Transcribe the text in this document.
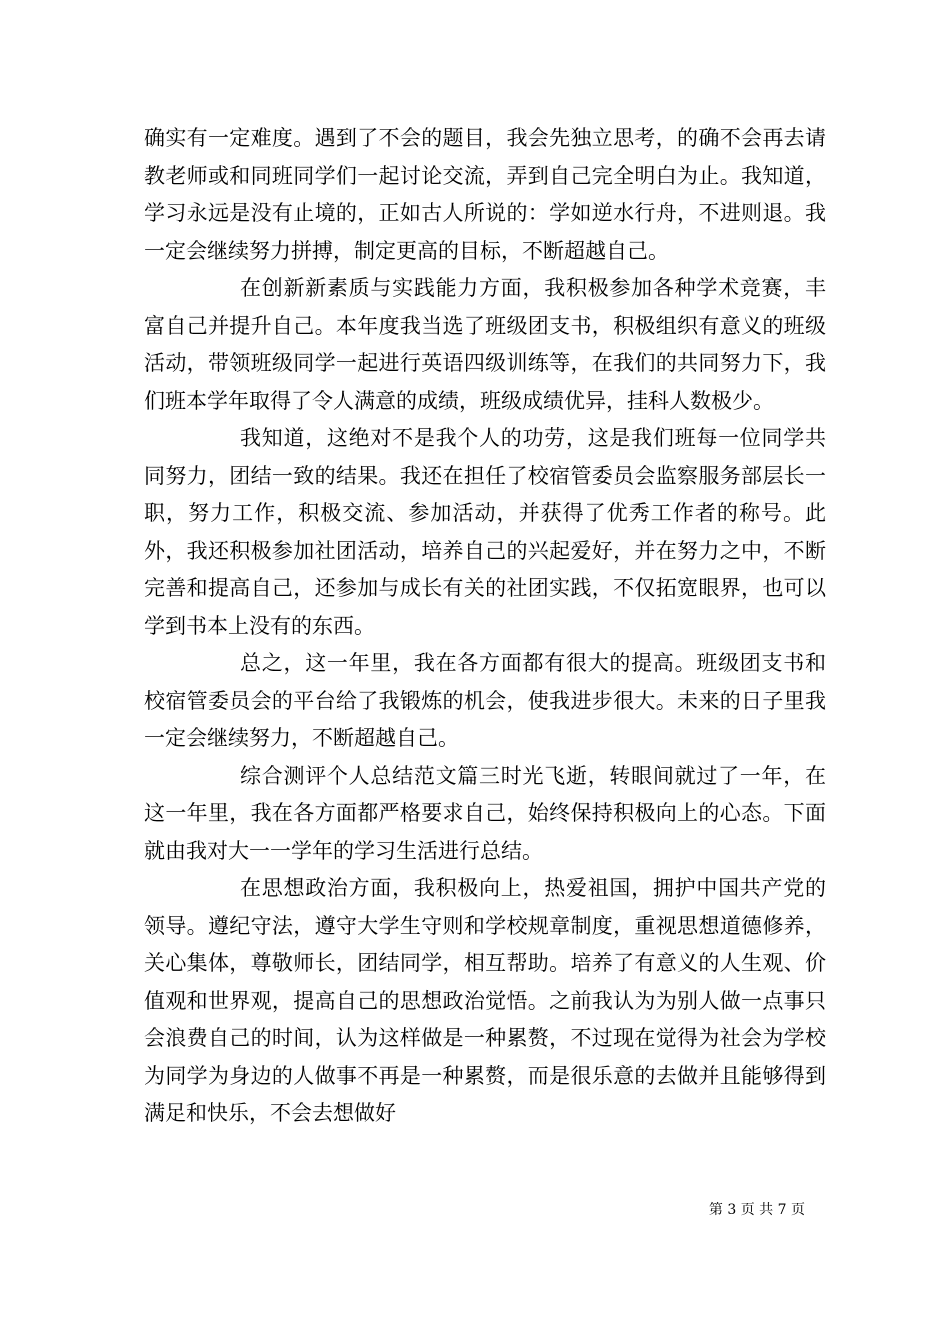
确实有一定难度。遇到了不会的题目，我会先独立思考，的确不会再去请教老师或和同班同学们一起讨论交流，弄到自己完全明白为止。我知道，学习永远是没有止境的，正如古人所说的：学如逆水行舟，不进则退。我一定会继续努力拼搏，制定更高的目标，不断超越自己。

在创新新素质与实践能力方面，我积极参加各种学术竞赛，丰富自己并提升自己。本年度我当选了班级团支书，积极组织有意义的班级活动，带领班级同学一起进行英语四级训练等，在我们的共同努力下，我们班本学年取得了令人满意的成绩，班级成绩优异，挂科人数极少。

我知道，这绝对不是我个人的功劳，这是我们班每一位同学共同努力，团结一致的结果。我还在担任了校宿管委员会监察服务部层长一职，努力工作，积极交流、参加活动，并获得了优秀工作者的称号。此外，我还积极参加社团活动，培养自己的兴起爱好，并在努力之中，不断完善和提高自己，还参加与成长有关的社团实践，不仅拓宽眼界，也可以学到书本上没有的东西。

总之，这一年里，我在各方面都有很大的提高。班级团支书和校宿管委员会的平台给了我锻炼的机会，使我进步很大。未来的日子里我一定会继续努力，不断超越自己。

综合测评个人总结范文篇三时光飞逝，转眼间就过了一年，在这一年里，我在各方面都严格要求自己，始终保持积极向上的心态。下面就由我对大一一学年的学习生活进行总结。

在思想政治方面，我积极向上，热爱祖国，拥护中国共产党的领导。遵纪守法，遵守大学生守则和学校规章制度，重视思想道德修养，关心集体，尊敬师长，团结同学，相互帮助。培养了有意义的人生观、价值观和世界观，提高自己的思想政治觉悟。之前我认为为别人做一点事只会浪费自己的时间，认为这样做是一种累赘，不过现在觉得为社会为学校为同学为身边的人做事不再是一种累赘，而是很乐意的去做并且能够得到满足和快乐，不会去想做好

第 3 页 共 7 页
